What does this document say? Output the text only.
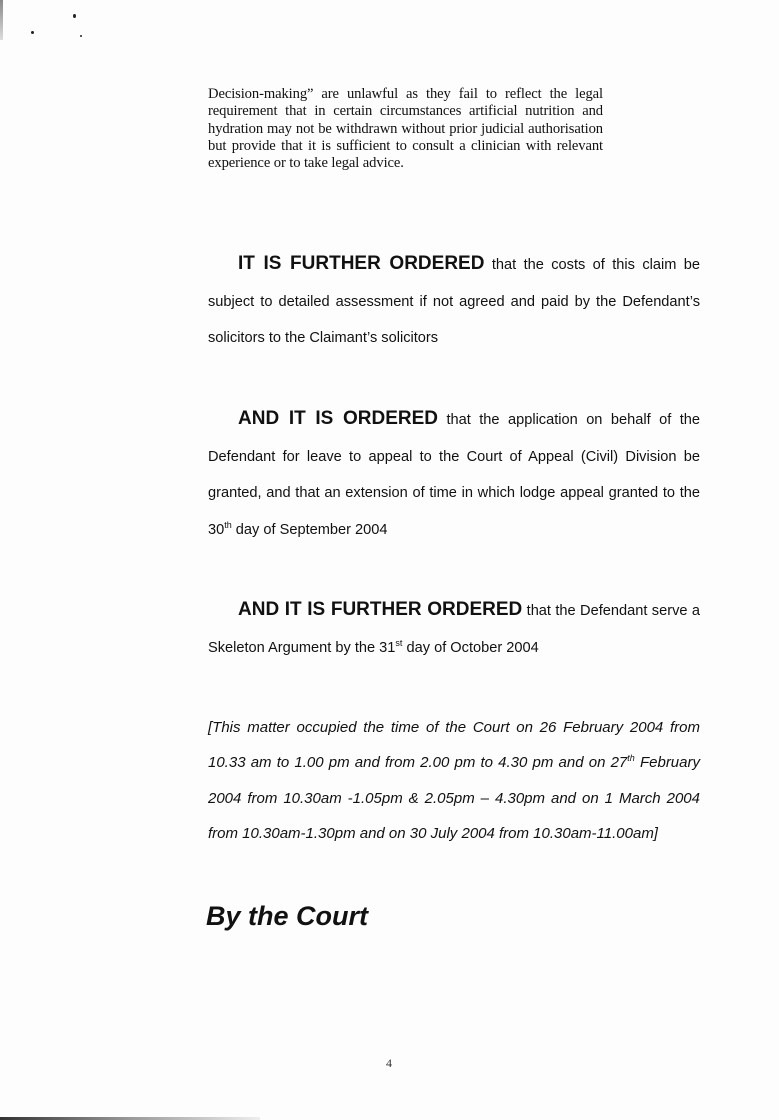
Decision-making” are unlawful as they fail to reflect the legal requirement that in certain circumstances artificial nutrition and hydration may not be withdrawn without prior judicial authorisation but provide that it is sufficient to consult a clinician with relevant experience or to take legal advice.
IT IS FURTHER ORDERED that the costs of this claim be subject to detailed assessment if not agreed and paid by the Defendant’s solicitors to the Claimant’s solicitors
AND IT IS ORDERED that the application on behalf of the Defendant for leave to appeal to the Court of Appeal (Civil) Division be granted, and that an extension of time in which lodge appeal granted to the 30th day of September 2004
AND IT IS FURTHER ORDERED that the Defendant serve a Skeleton Argument by the 31st day of October 2004
[This matter occupied the time of the Court on 26 February 2004 from 10.33 am to 1.00 pm and from 2.00 pm to 4.30 pm and on 27th February 2004 from 10.30am -1.05pm & 2.05pm – 4.30pm and on 1 March 2004 from 10.30am-1.30pm and on 30 July 2004 from 10.30am-11.00am]
By the Court
4
